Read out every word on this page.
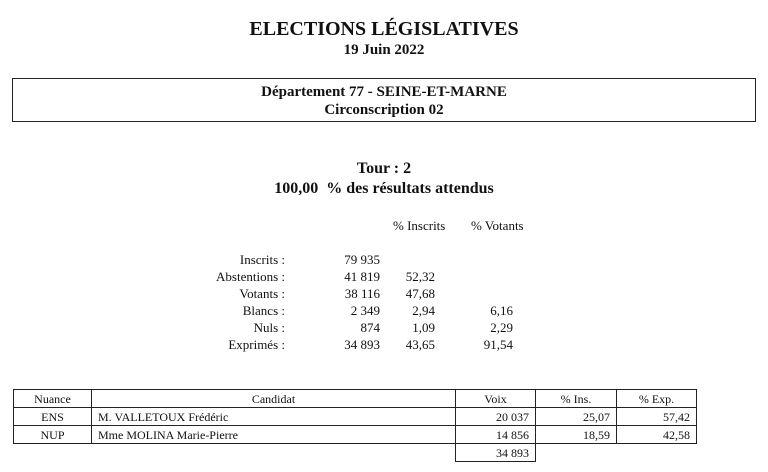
ELECTIONS LÉGISLATIVES
19 Juin 2022
Département 77 - SEINE-ET-MARNE
Circonscription 02
Tour : 2
100,00 % des résultats attendus
% Inscrits % Votants
Inscrits :	79 935
Abstentions :	41 819	52,32
Votants :	38 116	47,68
Blancs :	2 349	2,94	6,16
Nuls :	874	1,09	2,29
Exprimés :	34 893	43,65	91,54
Nuance	Candidat	Voix	% Ins.	% Exp.
ENS	M. VALLETOUX Frédéric	20 037	25,07	57,42
NUP	Mme MOLINA Marie-Pierre	14 856	18,59	42,58
		34 893		
